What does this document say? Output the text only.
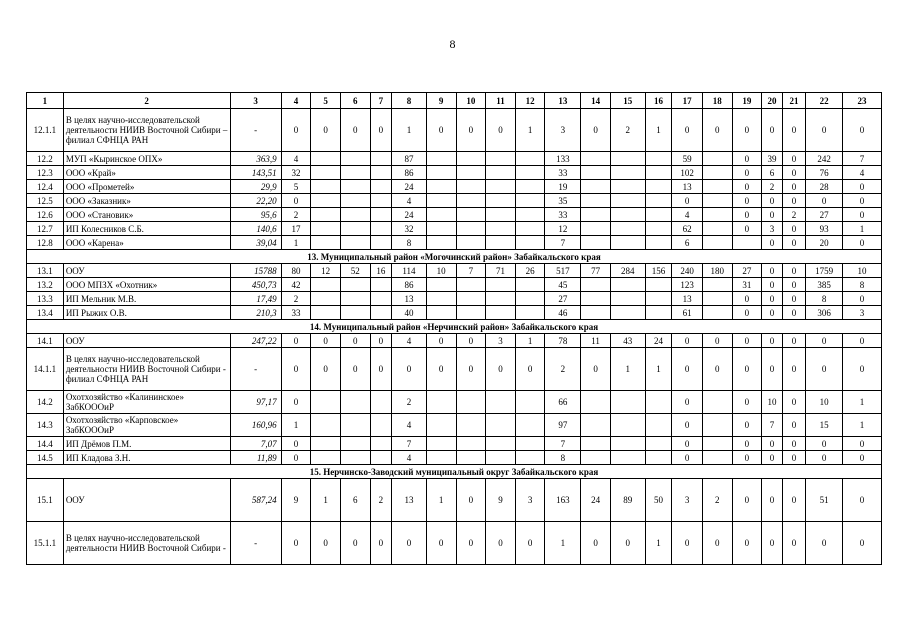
8
1	2	3	4	5	6	7	8	9	10	11	12	13	14	15	16	17	18	19	20	21	22	23
12.1.1	В целях научно-исследовательской деятельности НИИВ Восточной Сибири – филиал СФНЦА РАН	-	0	0	0	0	1	0	0	0	1	3	0	2	1	0	0	0	0	0	0	0
12.2	МУП «Кыринское ОПХ»	363,9	4				87					133				59		0	39	0	242	7
12.3	ООО «Край»	143,51	32				86					33				102		0	6	0	76	4
12.4	ООО «Прометей»	29,9	5				24					19				13		0	2	0	28	0
12.5	ООО «Заказник»	22,20	0				4					35				0		0	0	0	0	0
12.6	ООО «Становик»	95,6	2				24					33				4		0	0	2	27	0
12.7	ИП Колесников С.Б.	140,6	17				32					12				62		0	3	0	93	1
12.8	ООО «Карена»	39,04	1				8					7				6			0	0	20	0
13. Муниципальный район «Могочинский район» Забайкальского края																						
13.1	ООУ	15788	80	12	52	16	114	10	7	71	26	517	77	284	156	240	180	27	0	0	1759	10
13.2	ООО МПЗХ «Охотник»	450,73	42				86					45				123		31	0	0	385	8
13.3	ИП Мельник М.В.	17,49	2				13					27				13		0	0	0	8	0
13.4	ИП Рыжих О.В.	210,3	33				40					46				61		0	0	0	306	3
14. Муниципальный район «Нерчинский район» Забайкальского края																						
14.1	ООУ	247,22	0	0	0	0	4	0	0	3	1	78	11	43	24	0	0	0	0	0	0	0
14.1.1	В целях научно-исследовательской деятельности НИИВ Восточной Сибири - филиал СФНЦА РАН	-	0	0	0	0	0	0	0	0	0	2	0	1	1	0	0	0	0	0	0	0
14.2	Охотхозяйство «Калининское» ЗабКОООиР	97,17	0				2					66				0		0	10	0	10	1
14.3	Охотхозяйство «Карповское» ЗабКОООиР	160,96	1				4					97				0		0	7	0	15	1
14.4	ИП Дрёмов П.М.	7,07	0				7					7				0		0	0	0	0	0
14.5	ИП Кладова З.Н.	11,89	0				4					8				0		0	0	0	0	0
15. Нерчинско-Заводский муниципальный округ Забайкальского края																						
15.1	ООУ	587,24	9	1	6	2	13	1	0	9	3	163	24	89	50	3	2	0	0	0	51	0
15.1.1	В целях научно-исследовательской деятельности НИИВ Восточной Сибири -	-	0	0	0	0	0	0	0	0	0	1	0	0	1	0	0	0	0	0	0	0
